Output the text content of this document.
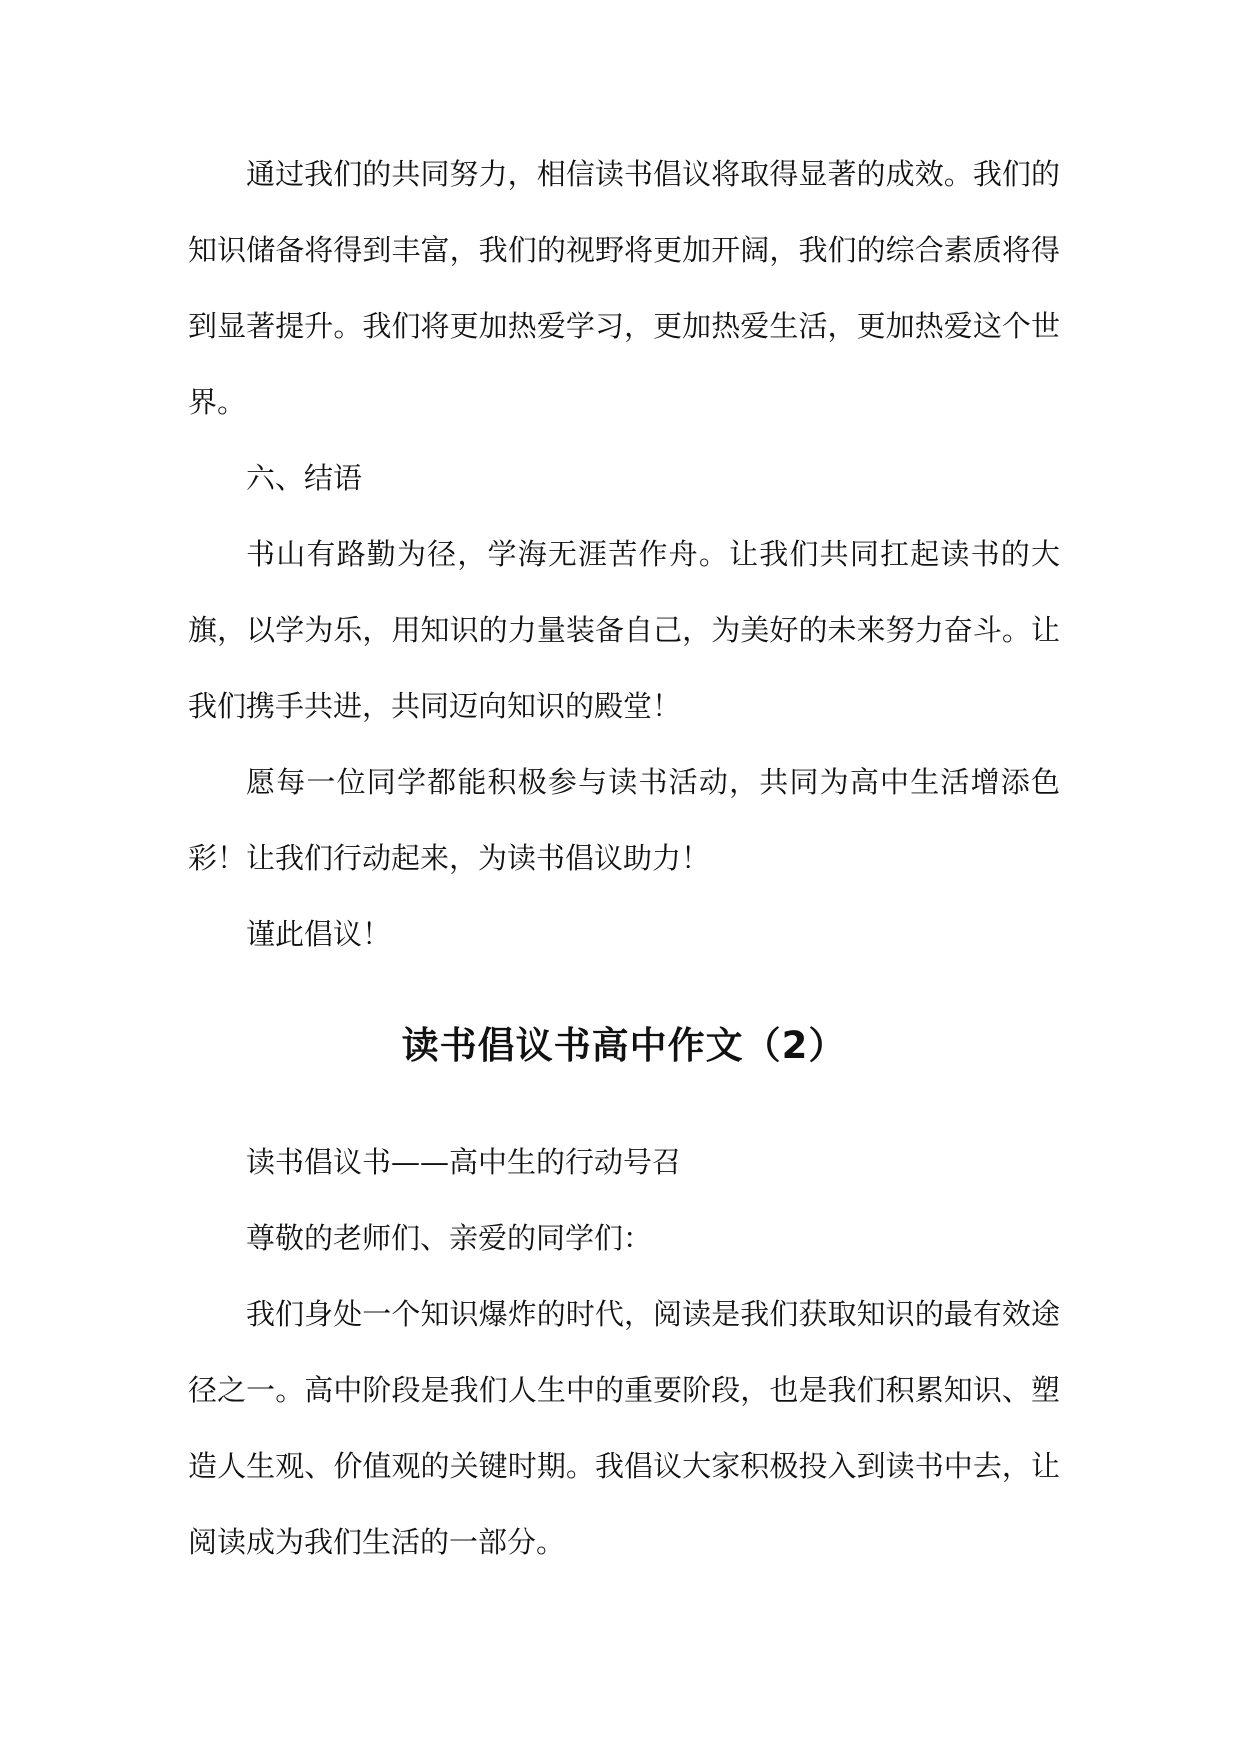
通过我们的共同努力，相信读书倡议将取得显著的成效。我们的知识储备将得到丰富，我们的视野将更加开阔，我们的综合素质将得到显著提升。我们将更加热爱学习，更加热爱生活，更加热爱这个世界。

六、结语

书山有路勤为径，学海无涯苦作舟。让我们共同扛起读书的大旗，以学为乐，用知识的力量装备自己，为美好的未来努力奋斗。让我们携手共进，共同迈向知识的殿堂！

愿每一位同学都能积极参与读书活动，共同为高中生活增添色彩！让我们行动起来，为读书倡议助力！

谨此倡议！

读书倡议书高中作文（2）

读书倡议书——高中生的行动号召

尊敬的老师们、亲爱的同学们：

我们身处一个知识爆炸的时代，阅读是我们获取知识的最有效途径之一。高中阶段是我们人生中的重要阶段，也是我们积累知识、塑造人生观、价值观的关键时期。我倡议大家积极投入到读书中去，让阅读成为我们生活的一部分。
